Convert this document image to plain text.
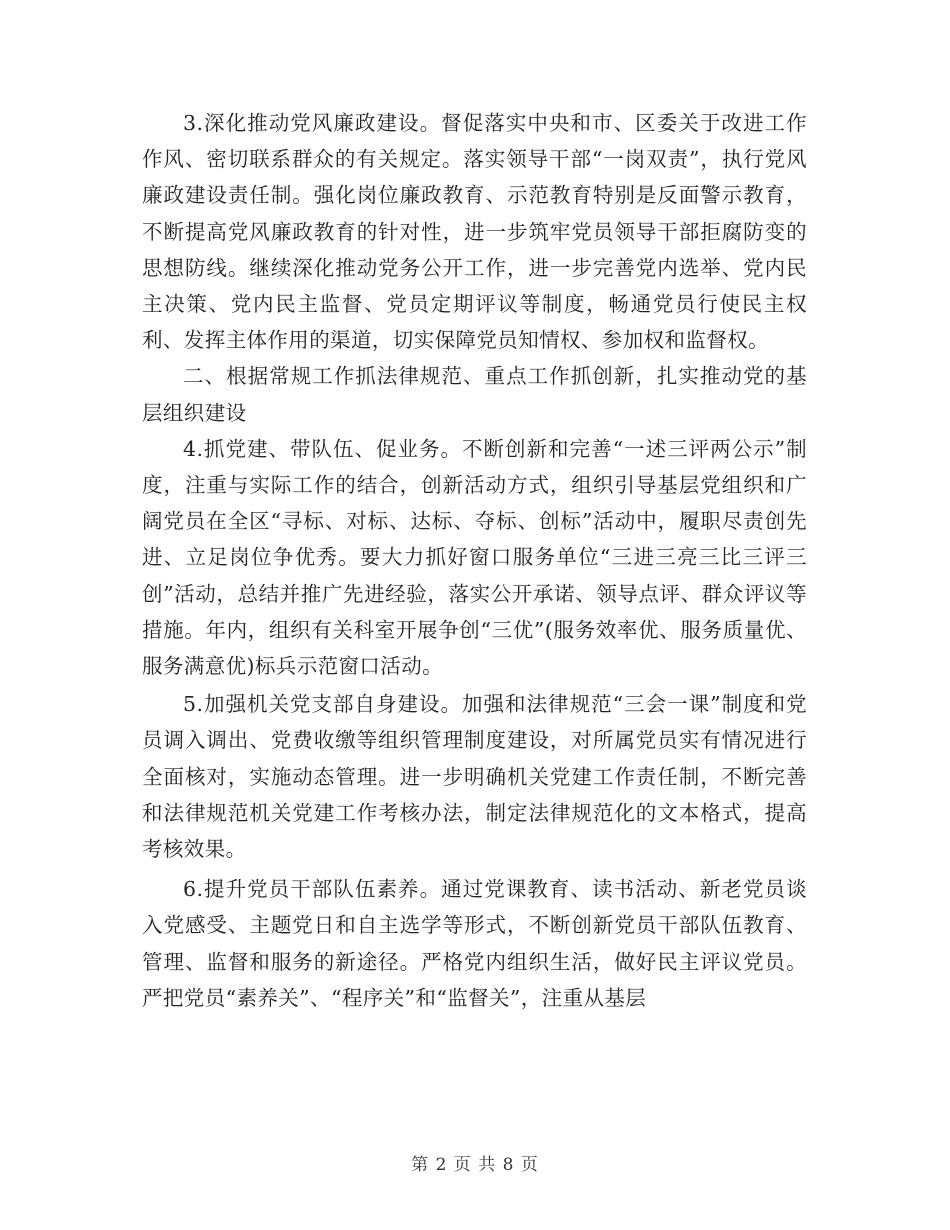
3.深化推动党风廉政建设。督促落实中央和市、区委关于改进工作作风、密切联系群众的有关规定。落实领导干部“一岗双责”，执行党风廉政建设责任制。强化岗位廉政教育、示范教育特别是反面警示教育，不断提高党风廉政教育的针对性，进一步筑牢党员领导干部拒腐防变的思想防线。继续深化推动党务公开工作，进一步完善党内选举、党内民主决策、党内民主监督、党员定期评议等制度，畅通党员行使民主权利、发挥主体作用的渠道，切实保障党员知情权、参加权和监督权。

二、根据常规工作抓法律规范、重点工作抓创新，扎实推动党的基层组织建设

4.抓党建、带队伍、促业务。不断创新和完善“一述三评两公示”制度，注重与实际工作的结合，创新活动方式，组织引导基层党组织和广阔党员在全区“寻标、对标、达标、夺标、创标”活动中，履职尽责创先进、立足岗位争优秀。要大力抓好窗口服务单位“三进三亮三比三评三创”活动，总结并推广先进经验，落实公开承诺、领导点评、群众评议等措施。年内，组织有关科室开展争创“三优”(服务效率优、服务质量优、服务满意优)标兵示范窗口活动。

5.加强机关党支部自身建设。加强和法律规范“三会一课”制度和党员调入调出、党费收缴等组织管理制度建设，对所属党员实有情况进行全面核对，实施动态管理。进一步明确机关党建工作责任制，不断完善和法律规范机关党建工作考核办法，制定法律规范化的文本格式，提高考核效果。

6.提升党员干部队伍素养。通过党课教育、读书活动、新老党员谈入党感受、主题党日和自主选学等形式，不断创新党员干部队伍教育、管理、监督和服务的新途径。严格党内组织生活，做好民主评议党员。严把党员“素养关”、“程序关”和“监督关”，注重从基层

第 2 页 共 8 页
